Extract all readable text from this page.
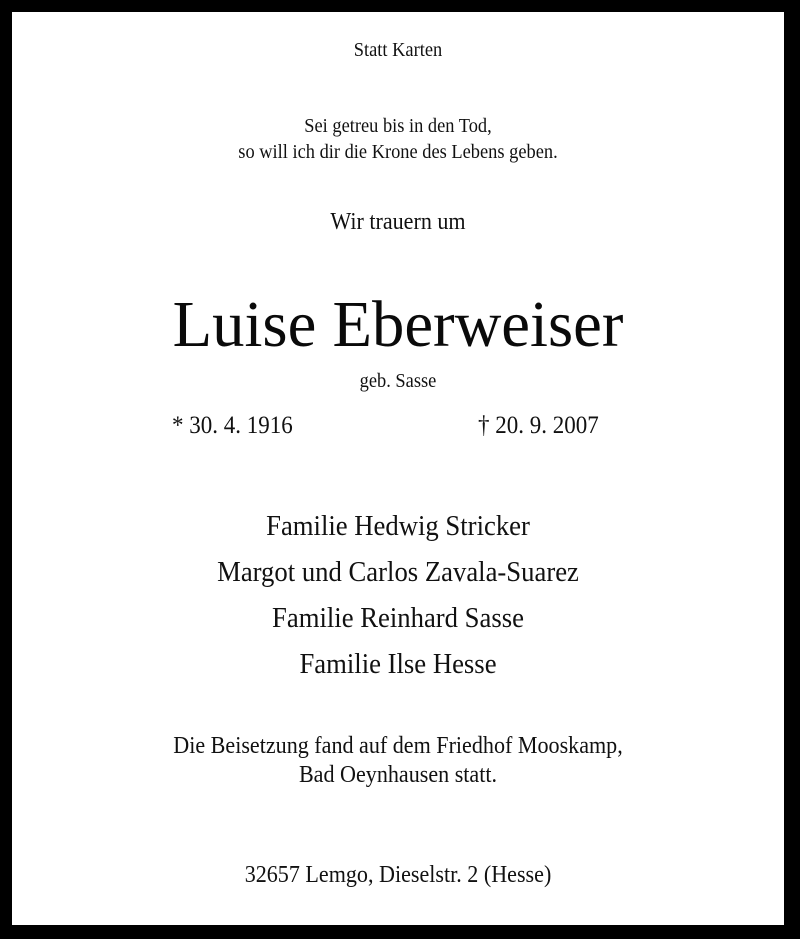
Statt Karten
Sei getreu bis in den Tod,
so will ich dir die Krone des Lebens geben.
Wir trauern um
Luise Eberweiser
geb. Sasse
* 30. 4. 1916	† 20. 9. 2007
Familie Hedwig Stricker
Margot und Carlos Zavala-Suarez
Familie Reinhard Sasse
Familie Ilse Hesse
Die Beisetzung fand auf dem Friedhof Mooskamp,
Bad Oeynhausen statt.
32657 Lemgo, Dieselstr. 2 (Hesse)
